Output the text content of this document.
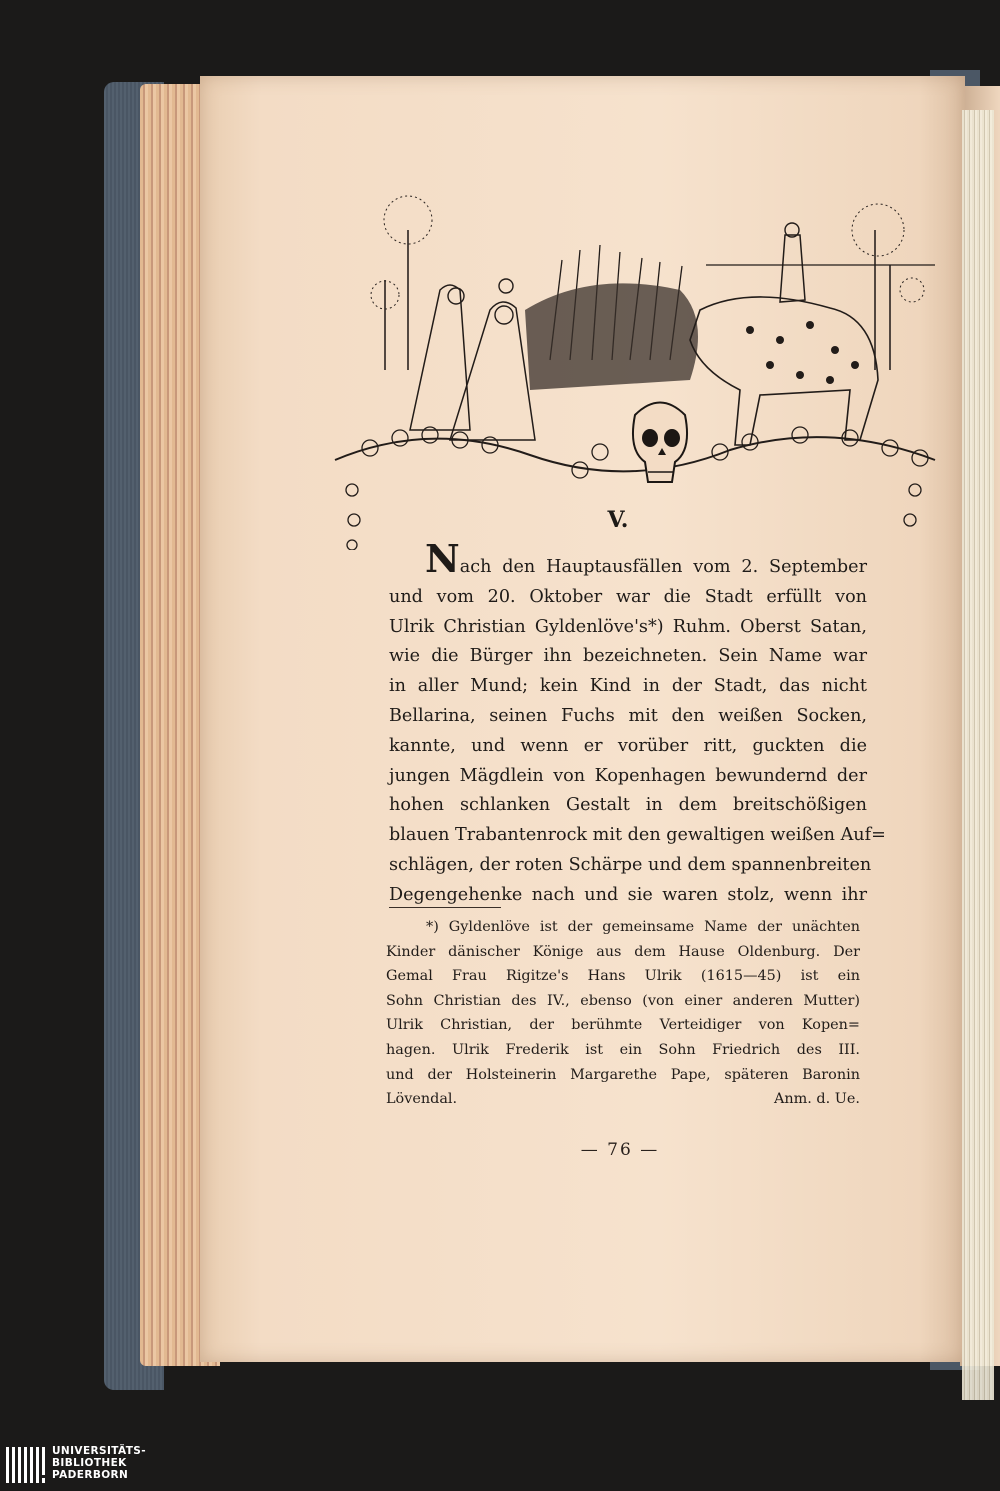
V.
Nach den Hauptausfällen vom 2. September
und vom 20. Oktober war die Stadt erfüllt von
Ulrik Christian Gyldenlöve's*) Ruhm. Oberst Satan,
wie die Bürger ihn bezeichneten. Sein Name war
in aller Mund; kein Kind in der Stadt, das nicht
Bellarina, seinen Fuchs mit den weißen Socken,
kannte, und wenn er vorüber ritt, guckten die
jungen Mägdlein von Kopenhagen bewundernd der
hohen schlanken Gestalt in dem breitschößigen
blauen Trabantenrock mit den gewaltigen weißen Auf=
schlägen, der roten Schärpe und dem spannenbreiten
Degengehenke nach und sie waren stolz, wenn ihr
*) Gyldenlöve ist der gemeinsame Name der unächten
Kinder dänischer Könige aus dem Hause Oldenburg. Der
Gemal Frau Rigitze's Hans Ulrik (1615—45) ist ein
Sohn Christian des IV., ebenso (von einer anderen Mutter)
Ulrik Christian, der berühmte Verteidiger von Kopen=
hagen. Ulrik Frederik ist ein Sohn Friedrich des III.
und der Holsteinerin Margarethe Pape, späteren Baronin
Lövendal.	Anm. d. Ue.
— 76 —
UNIVERSITÄTS-
BIBLIOTHEK
PADERBORN
